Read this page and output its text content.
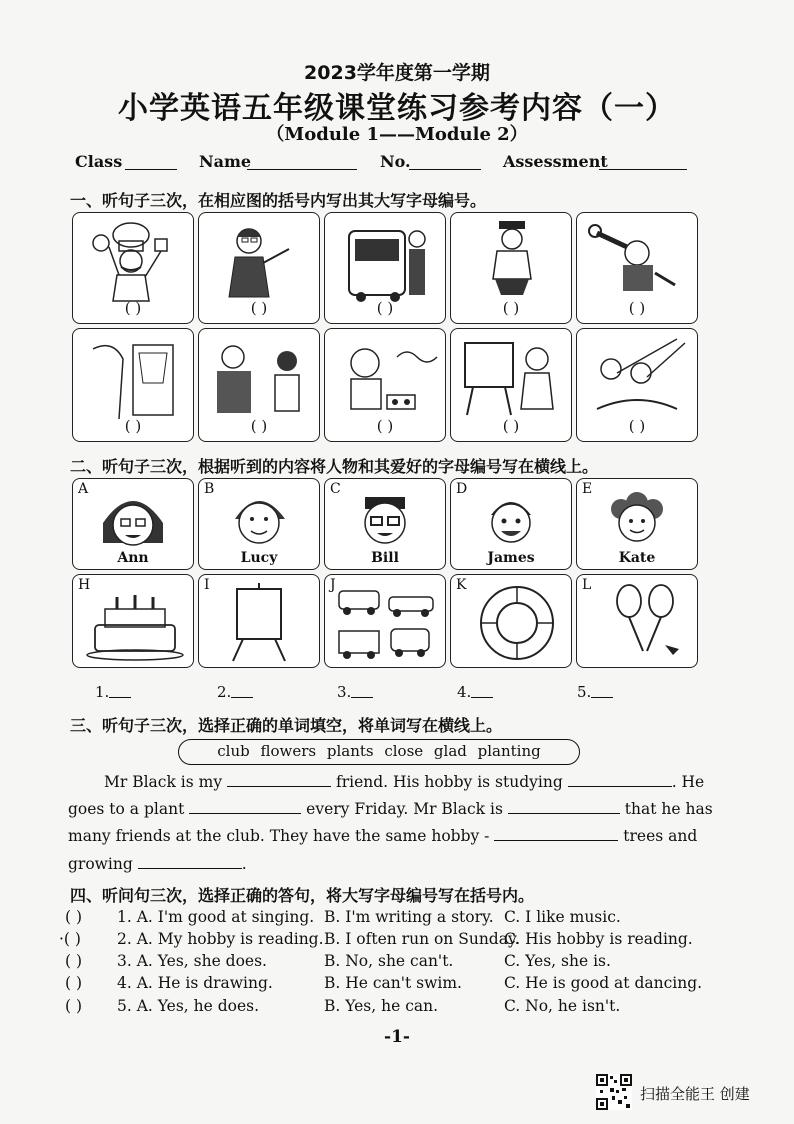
2023学年度第一学期
小学英语五年级课堂练习参考内容（一）
（Module 1——Module 2）
Class	Name	No.	Assessment
一、听句子三次，在相应图的括号内写出其大写字母编号。
( )	( )	( )	( )	( )
( )	( )	( )	( )	( )
二、听句子三次，根据听到的内容将人物和其爱好的字母编号写在横线上。
A
Ann
B
Lucy
C
Bill
D
James
E
Kate
H	I	J	K	L
1.	2.	3.	4.	5.
三、听句子三次，选择正确的单词填空，将单词写在横线上。
club flowers plants close glad planting
Mr Black is my	friend. His hobby is studying	. He
goes to a plant	every Friday. Mr Black is	that he has
many friends at the club. They have the same hobby -	trees and
growing	.
四、听问句三次，选择正确的答句，将大写字母编号写在括号内。
( ) 1. A. I'm good at singing. B. I'm writing a story. C. I like music.
·( ) 2. A. My hobby is reading. B. I often run on Sunday.
C. His hobby is reading.
( ) 3. A. Yes, she does.	B. No, she can't.	C. Yes, she is.
( ) 4. A. He is drawing.	B. He can't swim.	C. He is good at dancing.
( ) 5. A. Yes, he does.	B. Yes, he can.	C. No, he isn't.
-1-
扫描全能王 创建
